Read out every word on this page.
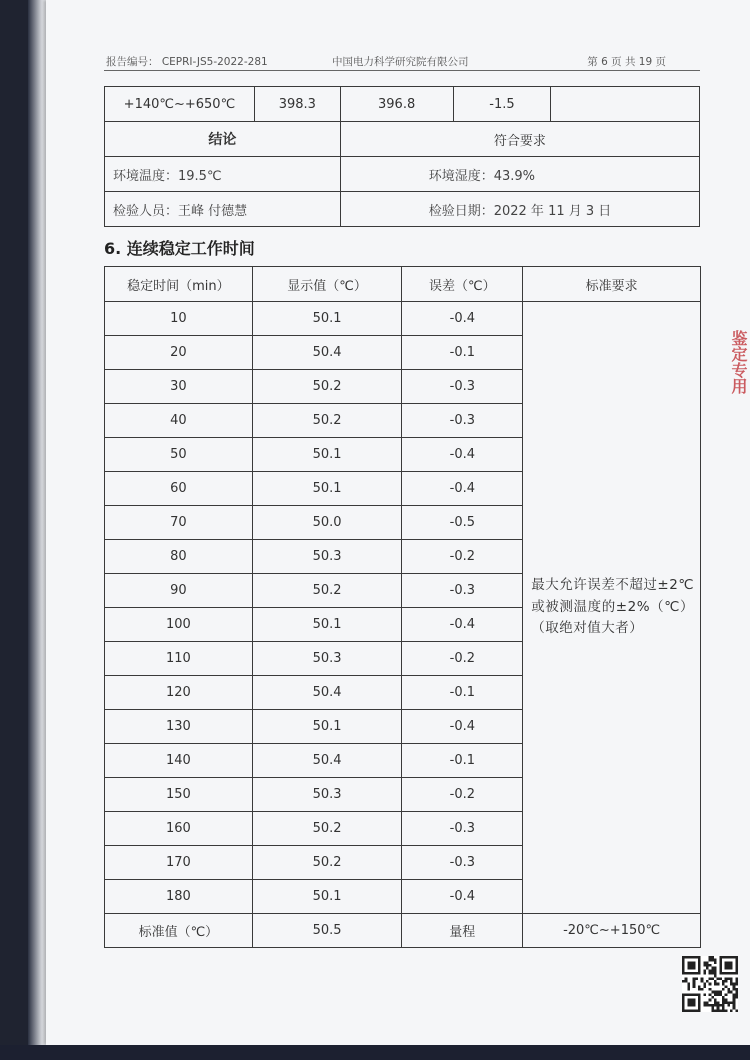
报告编号： CEPRI-JS5-2022-281	中国电力科学研究院有限公司	第 6 页 共 19 页
+140℃~+650℃	398.3	396.8	-1.5	
结论		符合要求		
环境温度：19.5℃		环境湿度：43.9%		
检验人员：王峰 付德慧		检验日期：2022 年 11 月 3 日		
6. 连续稳定工作时间
稳定时间（min）	显示值（℃）	误差（℃）	标准要求
10	50.1	-0.4	最大允许误差不超过±2℃或被测温度的±2%（℃）（取绝对值大者）
20	50.4	-0.1	
30	50.2	-0.3	
40	50.2	-0.3	
50	50.1	-0.4	
60	50.1	-0.4	
70	50.0	-0.5	
80	50.3	-0.2	
90	50.2	-0.3	
100	50.1	-0.4	
110	50.3	-0.2	
120	50.4	-0.1	
130	50.1	-0.4	
140	50.4	-0.1	
150	50.3	-0.2	
160	50.2	-0.3	
170	50.2	-0.3	
180	50.1	-0.4	
标准值（℃）	50.5	量程	-20℃~+150℃
鉴定专用
